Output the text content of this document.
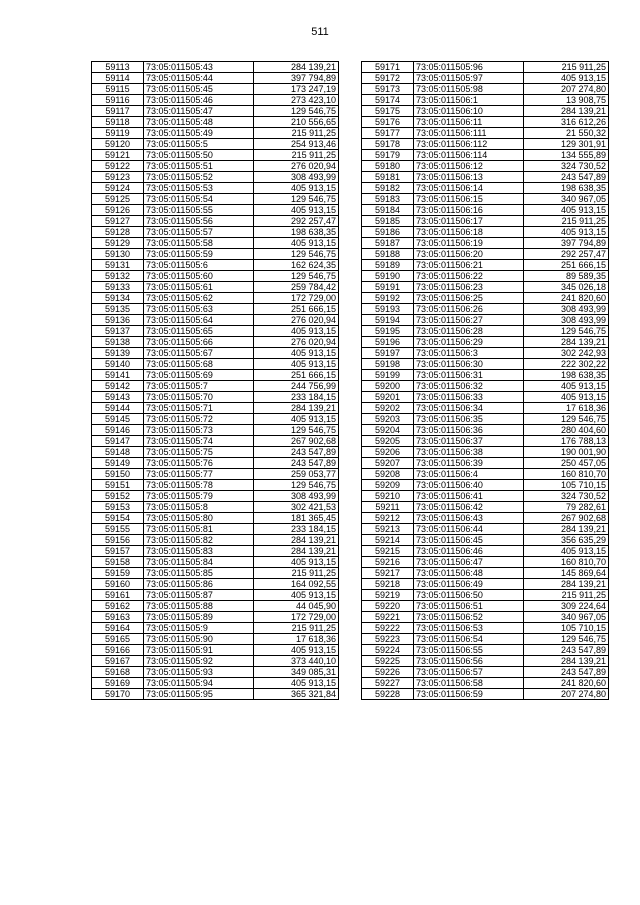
511
59113	73:05:011505:43	284 139,21
59114	73:05:011505:44	397 794,89
59115	73:05:011505:45	173 247,19
59116	73:05:011505:46	273 423,10
59117	73:05:011505:47	129 546,75
59118	73:05:011505:48	210 556,65
59119	73:05:011505:49	215 911,25
59120	73:05:011505:5	254 913,46
59121	73:05:011505:50	215 911,25
59122	73:05:011505:51	276 020,94
59123	73:05:011505:52	308 493,99
59124	73:05:011505:53	405 913,15
59125	73:05:011505:54	129 546,75
59126	73:05:011505:55	405 913,15
59127	73:05:011505:56	292 257,47
59128	73:05:011505:57	198 638,35
59129	73:05:011505:58	405 913,15
59130	73:05:011505:59	129 546,75
59131	73:05:011505:6	162 624,35
59132	73:05:011505:60	129 546,75
59133	73:05:011505:61	259 784,42
59134	73:05:011505:62	172 729,00
59135	73:05:011505:63	251 666,15
59136	73:05:011505:64	276 020,94
59137	73:05:011505:65	405 913,15
59138	73:05:011505:66	276 020,94
59139	73:05:011505:67	405 913,15
59140	73:05:011505:68	405 913,15
59141	73:05:011505:69	251 666,15
59142	73:05:011505:7	244 756,99
59143	73:05:011505:70	233 184,15
59144	73:05:011505:71	284 139,21
59145	73:05:011505:72	405 913,15
59146	73:05:011505:73	129 546,75
59147	73:05:011505:74	267 902,68
59148	73:05:011505:75	243 547,89
59149	73:05:011505:76	243 547,89
59150	73:05:011505:77	259 053,77
59151	73:05:011505:78	129 546,75
59152	73:05:011505:79	308 493,99
59153	73:05:011505:8	302 421,53
59154	73:05:011505:80	181 365,45
59155	73:05:011505:81	233 184,15
59156	73:05:011505:82	284 139,21
59157	73:05:011505:83	284 139,21
59158	73:05:011505:84	405 913,15
59159	73:05:011505:85	215 911,25
59160	73:05:011505:86	164 092,55
59161	73:05:011505:87	405 913,15
59162	73:05:011505:88	44 045,90
59163	73:05:011505:89	172 729,00
59164	73:05:011505:9	215 911,25
59165	73:05:011505:90	17 618,36
59166	73:05:011505:91	405 913,15
59167	73:05:011505:92	373 440,10
59168	73:05:011505:93	349 085,31
59169	73:05:011505:94	405 913,15
59170	73:05:011505:95	365 321,84
59171	73:05:011505:96	215 911,25
59172	73:05:011505:97	405 913,15
59173	73:05:011505:98	207 274,80
59174	73:05:011506:1	13 908,75
59175	73:05:011506:10	284 139,21
59176	73:05:011506:11	316 612,26
59177	73:05:011506:111	21 550,32
59178	73:05:011506:112	129 301,91
59179	73:05:011506:114	134 555,89
59180	73:05:011506:12	324 730,52
59181	73:05:011506:13	243 547,89
59182	73:05:011506:14	198 638,35
59183	73:05:011506:15	340 967,05
59184	73:05:011506:16	405 913,15
59185	73:05:011506:17	215 911,25
59186	73:05:011506:18	405 913,15
59187	73:05:011506:19	397 794,89
59188	73:05:011506:20	292 257,47
59189	73:05:011506:21	251 666,15
59190	73:05:011506:22	89 589,35
59191	73:05:011506:23	345 026,18
59192	73:05:011506:25	241 820,60
59193	73:05:011506:26	308 493,99
59194	73:05:011506:27	308 493,99
59195	73:05:011506:28	129 546,75
59196	73:05:011506:29	284 139,21
59197	73:05:011506:3	302 242,93
59198	73:05:011506:30	222 302,22
59199	73:05:011506:31	198 638,35
59200	73:05:011506:32	405 913,15
59201	73:05:011506:33	405 913,15
59202	73:05:011506:34	17 618,36
59203	73:05:011506:35	129 546,75
59204	73:05:011506:36	280 404,60
59205	73:05:011506:37	176 788,13
59206	73:05:011506:38	190 001,90
59207	73:05:011506:39	250 457,05
59208	73:05:011506:4	160 810,70
59209	73:05:011506:40	105 710,15
59210	73:05:011506:41	324 730,52
59211	73:05:011506:42	79 282,61
59212	73:05:011506:43	267 902,68
59213	73:05:011506:44	284 139,21
59214	73:05:011506:45	356 635,29
59215	73:05:011506:46	405 913,15
59216	73:05:011506:47	160 810,70
59217	73:05:011506:48	145 869,64
59218	73:05:011506:49	284 139,21
59219	73:05:011506:50	215 911,25
59220	73:05:011506:51	309 224,64
59221	73:05:011506:52	340 967,05
59222	73:05:011506:53	105 710,15
59223	73:05:011506:54	129 546,75
59224	73:05:011506:55	243 547,89
59225	73:05:011506:56	284 139,21
59226	73:05:011506:57	243 547,89
59227	73:05:011506:58	241 820,60
59228	73:05:011506:59	207 274,80
